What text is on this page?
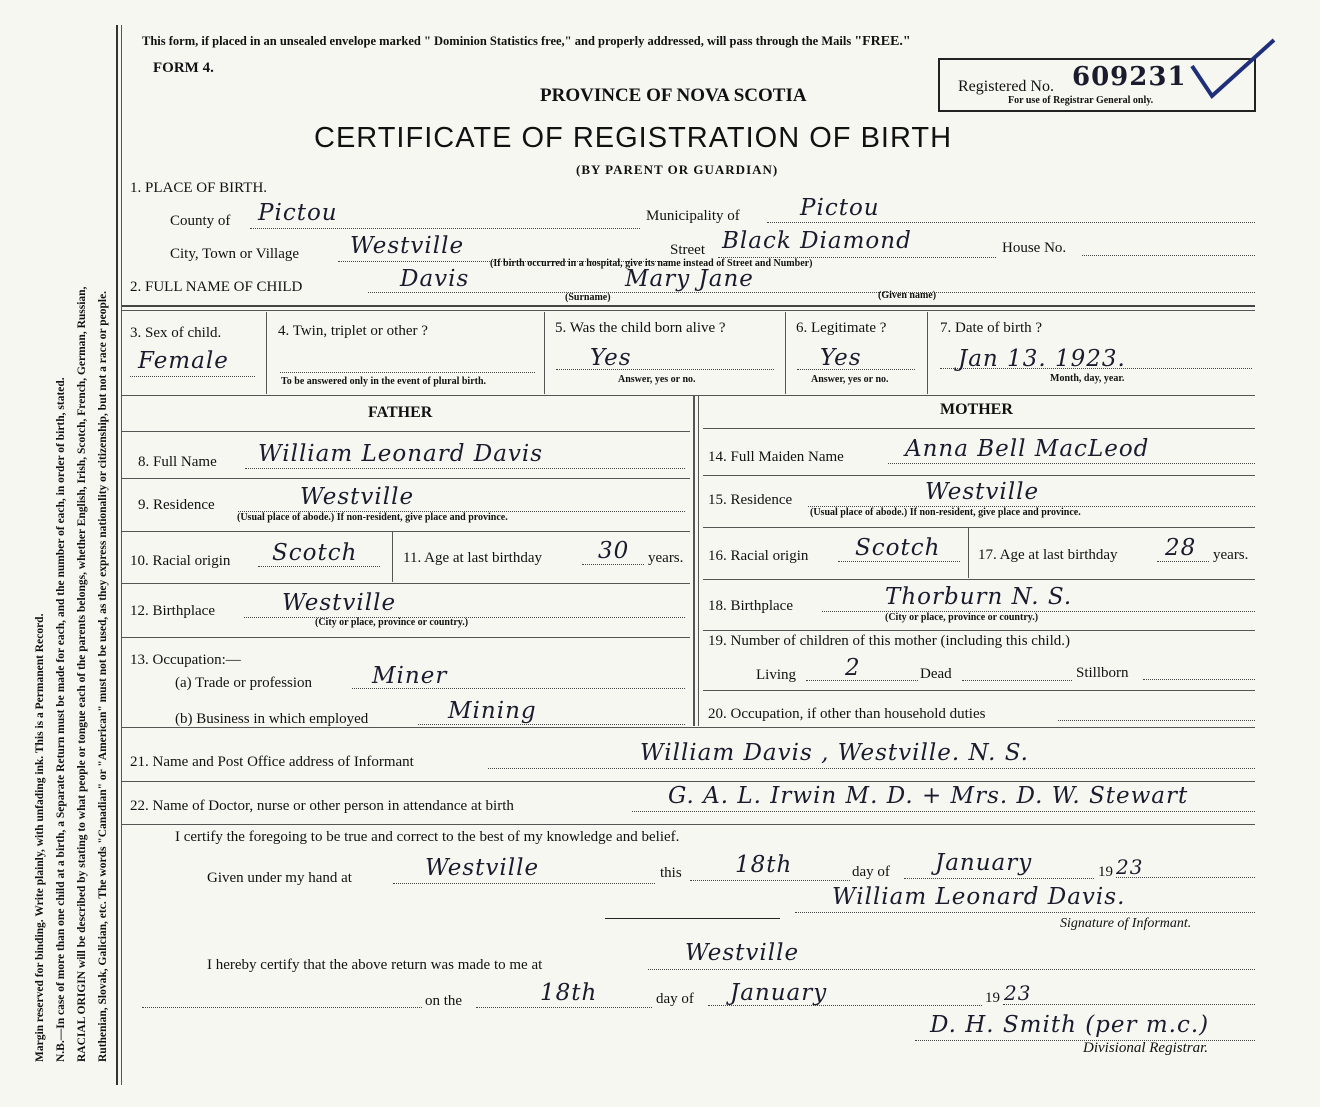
Margin reserved for binding. Write plainly, with unfading ink. This is a Permanent Record. N.B.—In case of more than one child at a birth, a Separate Return must be made for each, and the number of each, in order of birth, stated. RACIAL ORIGIN will be described by stating to what people or tongue each of the parents belongs, whether English, Irish, Scotch, French, German, Russian, Ruthenian, Slovak, Galician, etc. The words "Canadian" or "American" must not be used, as they express nationality or citizenship, but not a race or people.
This form, if placed in an unsealed envelope marked " Dominion Statistics free," and properly addressed, will pass through the Mails "FREE."
FORM 4.
PROVINCE OF NOVA SCOTIA	Registered No. 609231
For use of Registrar General only.
CERTIFICATE OF REGISTRATION OF BIRTH
(BY PARENT OR GUARDIAN)
1. PLACE OF BIRTH.
County of Pictou	Municipality of	Pictou
City, Town or Village Westville	Street Black Diamond	House No.
(If birth occurred in a hospital, give its name instead of Street and Number)
2. FULL NAME OF CHILD	Davis	Mary Jane
(Surname)	(Given name)
3. Sex of child.
Female
4. Twin, triplet or other ?
To be answered only in the event of plural birth.
5. Was the child born alive ?
Yes
Answer, yes or no.
6. Legitimate ?
Yes
Answer, yes or no.
7. Date of birth ?
Jan 13. 1923.
Month, day, year.
FATHER	MOTHER
8. Full Name William Leonard Davis
9. Residence	Westville
(Usual place of abode.) If non-resident, give place and province.
10. Racial origin Scotch	11. Age at last birthday 30 years.
12. Birthplace	Westville
(City or place, province or country.)
13. Occupation:—
(a) Trade or profession	Miner
(b) Business in which employed	Mining
14. Full Maiden Name	Anna Bell MacLeod
15. Residence	Westville
(Usual place of abode.) If non-resident, give place and province.
16. Racial origin Scotch	17. Age at last birthday 28 years.
18. Birthplace	Thorburn N. S.
(City or place, province or country.)
19. Number of children of this mother (including this child.)
Living 2	Dead	Stillborn
20. Occupation, if other than household duties
21. Name and Post Office address of Informant	William Davis , Westville. N. S.
22. Name of Doctor, nurse or other person in attendance at birth	G. A. L. Irwin M. D. + Mrs. D. W. Stewart
I certify the foregoing to be true and correct to the best of my knowledge and belief.
Given under my hand at	Westville	this 18th	day of January	19 23
William Leonard Davis.
Signature of Informant.
I hereby certify that the above return was made to me at	Westville
on the	18th	day of January	19 23
D. H. Smith (per m.c.)
Divisional Registrar.
